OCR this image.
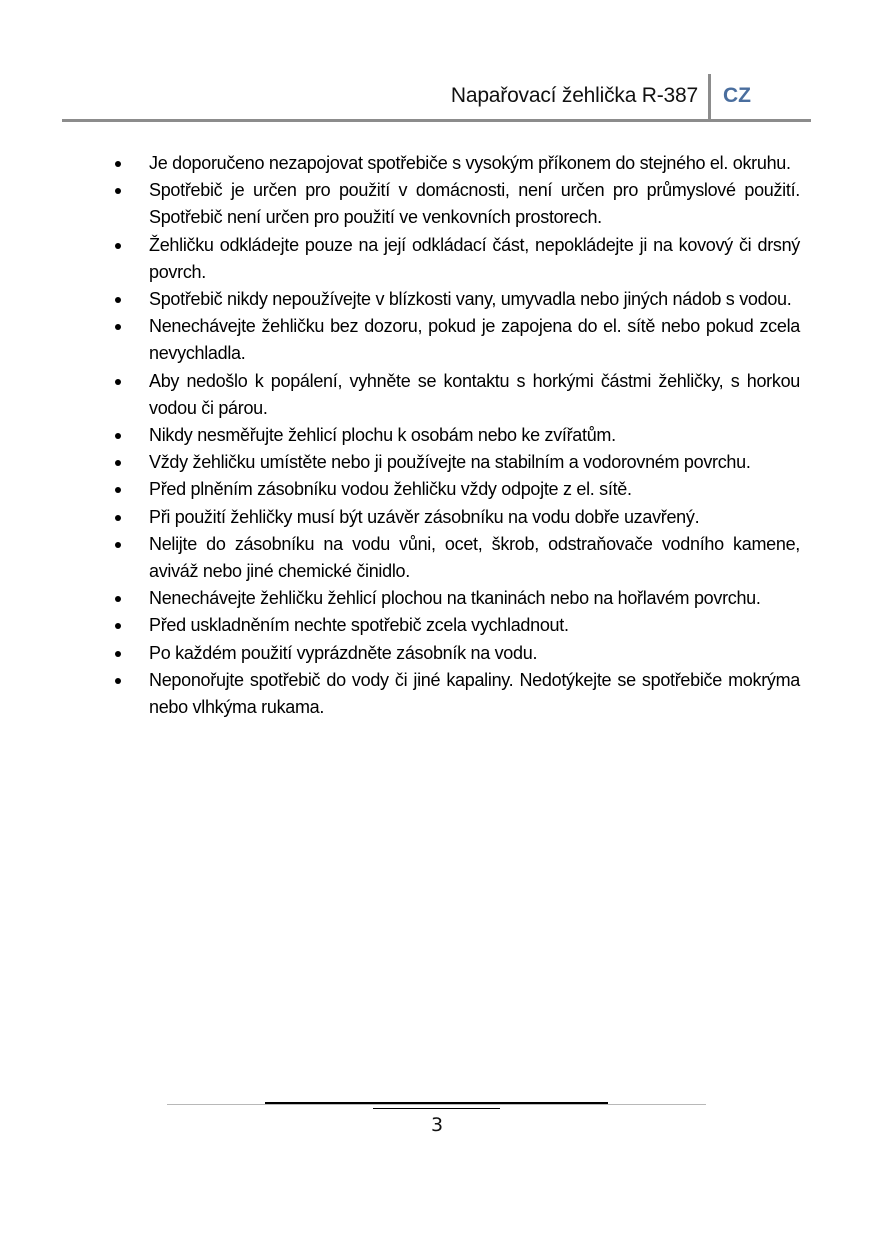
Napařovací žehlička R-387 CZ
Je doporučeno nezapojovat spotřebiče s vysokým příkonem do stejného el. okruhu.
Spotřebič je určen pro použití v domácnosti, není určen pro průmyslové použití. Spotřebič není určen pro použití ve venkovních prostorech.
Žehličku odkládejte pouze na její odkládací část, nepokládejte ji na kovový či drsný povrch.
Spotřebič nikdy nepoužívejte v blízkosti vany, umyvadla nebo jiných nádob s vodou.
Nenechávejte žehličku bez dozoru, pokud je zapojena do el. sítě nebo pokud zcela nevychladla.
Aby nedošlo k popálení, vyhněte se kontaktu s horkými částmi žehličky, s horkou vodou či párou.
Nikdy nesměřujte žehlicí plochu k osobám nebo ke zvířatům.
Vždy žehličku umístěte nebo ji používejte na stabilním a vodorovném povrchu.
Před plněním zásobníku vodou žehličku vždy odpojte z el. sítě.
Při použití žehličky musí být uzávěr zásobníku na vodu dobře uzavřený.
Nelijte do zásobníku na vodu vůni, ocet, škrob, odstraňovače vodního kamene, aviváž nebo jiné chemické činidlo.
Nenechávejte žehličku žehlicí plochou na tkaninách nebo na hořlavém povrchu.
Před uskladněním nechte spotřebič zcela vychladnout.
Po každém použití vyprázdněte zásobník na vodu.
Neponořujte spotřebič do vody či jiné kapaliny. Nedotýkejte se spotřebiče mokrýma nebo vlhkýma rukama.
3
